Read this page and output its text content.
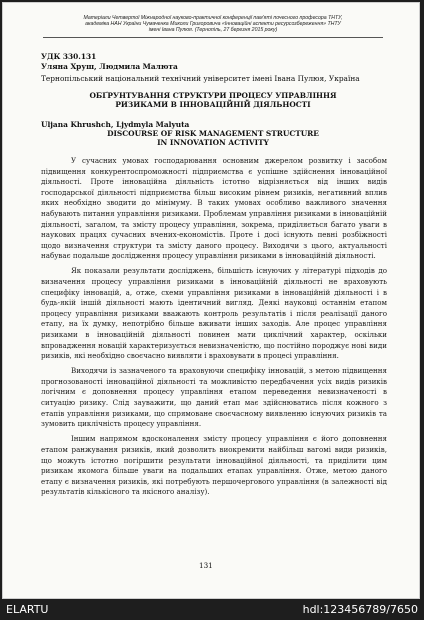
Матеріали Четвертої Міжнародної науково-практичної конференції пам'яті почесного професора ТНТУ,
академіка НАН України Чумаченка Миколи Григоровича «Інноваційні аспекти ресурсозбереження» ТНТУ
імені Івана Пулюя. (Тернопіль, 27 березня 2015 року)
УДК 330.131
Уляна Хруш, Людмила Малюта
Тернопільський національний технічний університет імені Івана Пулюя, Україна
ОБҐРУНТУВАННЯ СТРУКТУРИ ПРОЦЕСУ УПРАВЛІННЯ РИЗИКАМИ В ІННОВАЦІЙНІЙ ДІЯЛЬНОСТІ
Uljana Khrushch, Ljydmyla Malyuta
DISCOURSE OF RISK MANAGEMENT STRUCTURE IN INNOVATION ACTIVITY

У сучасних умовах господарювання основним джерелом розвитку і засобом підвищення конкурентоспроможності підприємства є успішне здійснення інноваційної діяльності. Проте інноваційна діяльність істотно відрізняється від інших видів господарської діяльності підприємства більш високим рівнем ризиків, негативний вплив яких необхідно зводити до мінімуму. В таких умовах особливо важливого значення набувають питання управління ризиками. Проблемам управління ризиками в інноваційній діяльності, загалом, та змісту процесу управління, зокрема, приділяється багато уваги в наукових працях сучасних вчених-економістів. Проте і досі існують певні розбіжності щодо визначення структури та змісту даного процесу. Виходячи з цього, актуальності набуває подальше дослідження процесу управління ризиками в інноваційній діяльності.

Як показали результати досліджень, більшість існуючих у літературі підходів до визначення процесу управління ризиками в інноваційній діяльності не враховують специфіку інновацій, а, отже, схеми управління ризиками в інноваційній діяльності і в будь-якій іншій діяльності мають ідентичний вигляд. Деякі науковці останнім етапом процесу управління ризиками вважають контроль результатів і після реалізації даного етапу, на їх думку, непотрібно більше вживати інших заходів. Але процес управління ризиками в інноваційній діяльності повинен мати циклічний характер, оскільки впровадження новацій характеризується невизначеністю, що постійно породжує нові види ризиків, які необхідно своєчасно виявляти і враховувати в процесі управління.

Виходячи із зазначеного та враховуючи специфіку інновацій, з метою підвищення прогнозованості інноваційної діяльності та можливістю передбачення усіх видів ризиків логічним є доповнення процесу управління етапом переведення невизначеності в ситуацію ризику. Слід зауважити, що даний етап має здійснюватись після кожного з етапів управління ризиками, що спрямоване своєчасному виявленню існуючих ризиків та зумовить циклічність процесу управління.

Іншим напрямом вдосконалення змісту процесу управління є його доповнення етапом ранжування ризиків, який дозволить виокремити найбільш вагомі види ризиків, що можуть істотно погіршити результати інноваційної діяльності, та приділити цим ризикам якомога більше уваги на подальших етапах управління. Отже, метою даного етапу є визначення ризиків, які потребують першочергового управління (в залежності від результатів кількісного та якісного аналізу).

131
ELARTU	hdl:123456789/7650
